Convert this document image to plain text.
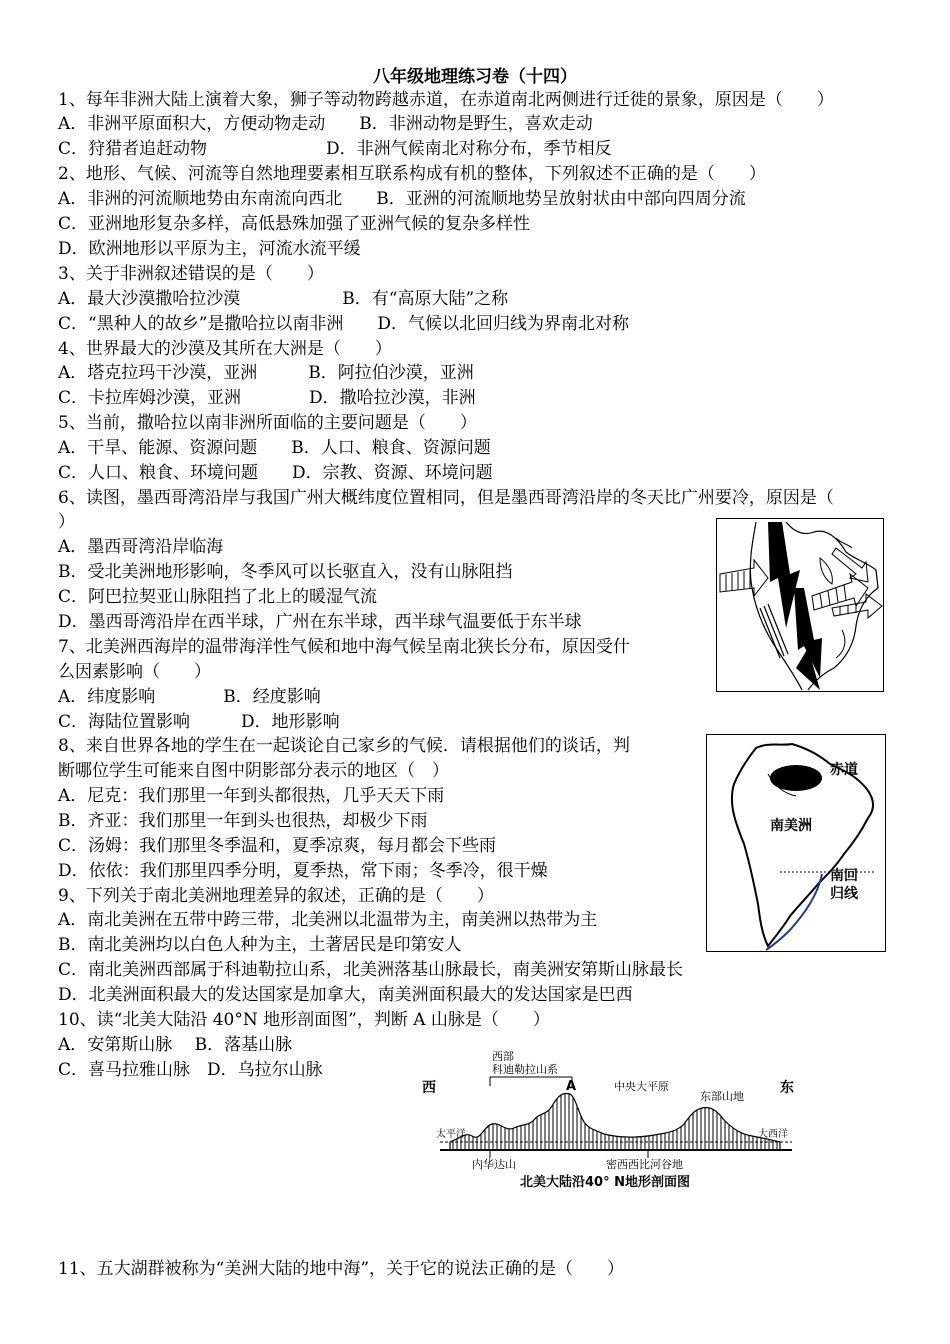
八年级地理练习卷（十四）
1、每年非洲大陆上演着大象，狮子等动物跨越赤道，在赤道南北两侧进行迁徙的景象，原因是（　　）
A．非洲平原面积大，方便动物走动　　B．非洲动物是野生，喜欢走动
C．狩猎者追赶动物　　　　　　　D．非洲气候南北对称分布，季节相反
2、地形、气候、河流等自然地理要素相互联系构成有机的整体，下列叙述不正确的是（　　）
A．非洲的河流顺地势由东南流向西北　　B．亚洲的河流顺地势呈放射状由中部向四周分流
C．亚洲地形复杂多样，高低悬殊加强了亚洲气候的复杂多样性
D．欧洲地形以平原为主，河流水流平缓
3、关于非洲叙述错误的是（　　）
A．最大沙漠撒哈拉沙漠　　　　　　B．有“高原大陆”之称
C．“黑种人的故乡”是撒哈拉以南非洲　　D．气候以北回归线为界南北对称
4、世界最大的沙漠及其所在大洲是（　　）
A．塔克拉玛干沙漠，亚洲　　　B．阿拉伯沙漠，亚洲
C．卡拉库姆沙漠，亚洲　　　　D．撒哈拉沙漠，非洲
5、当前，撒哈拉以南非洲所面临的主要问题是（　　）
A．干旱、能源、资源问题　　B．人口、粮食、资源问题
C．人口、粮食、环境问题　　D．宗教、资源、环境问题
6、读图，墨西哥湾沿岸与我国广州大概纬度位置相同，但是墨西哥湾沿岸的冬天比广州要冷，原因是（
）
A．墨西哥湾沿岸临海
B．受北美洲地形影响，冬季风可以长驱直入，没有山脉阻挡
C．阿巴拉契亚山脉阻挡了北上的暖湿气流
D．墨西哥湾沿岸在西半球，广州在东半球，西半球气温要低于东半球
7、北美洲西海岸的温带海洋性气候和地中海气候呈南北狭长分布，原因受什
么因素影响（　　）
A．纬度影响　　　　B．经度影响
C．海陆位置影响　　　D．地形影响
8、来自世界各地的学生在一起谈论自己家乡的气候．请根据他们的谈话，判
断哪位学生可能来自图中阴影部分表示的地区（　）
A．尼克：我们那里一年到头都很热，几乎天天下雨
B．齐亚：我们那里一年到头也很热，却极少下雨
C．汤姆：我们那里冬季温和，夏季凉爽，每月都会下些雨
D．依依：我们那里四季分明，夏季热，常下雨；冬季冷，很干燥
9、下列关于南北美洲地理差异的叙述，正确的是（　　）
A．南北美洲在五带中跨三带，北美洲以北温带为主，南美洲以热带为主
B．南北美洲均以白色人种为主，土著居民是印第安人
C．南北美洲西部属于科迪勒拉山系，北美洲落基山脉最长，南美洲安第斯山脉最长
D．北美洲面积最大的发达国家是加拿大，南美洲面积最大的发达国家是巴西
10、读“北美大陆沿 40°N 地形剖面图”，判断 A 山脉是（　　）
A．安第斯山脉　 B．落基山脉
C．喜马拉雅山脉　D．乌拉尔山脉
11、五大湖群被称为“美洲大陆的地中海”，关于它的说法正确的是（　　）
赤道
南美洲
南回
归线
西	东
西部
科迪勒拉山系
A	中央大平原
东部山地
太平洋	大西洋
内华达山	密西西比河谷地
北美大陆沿40° N地形剖面图
